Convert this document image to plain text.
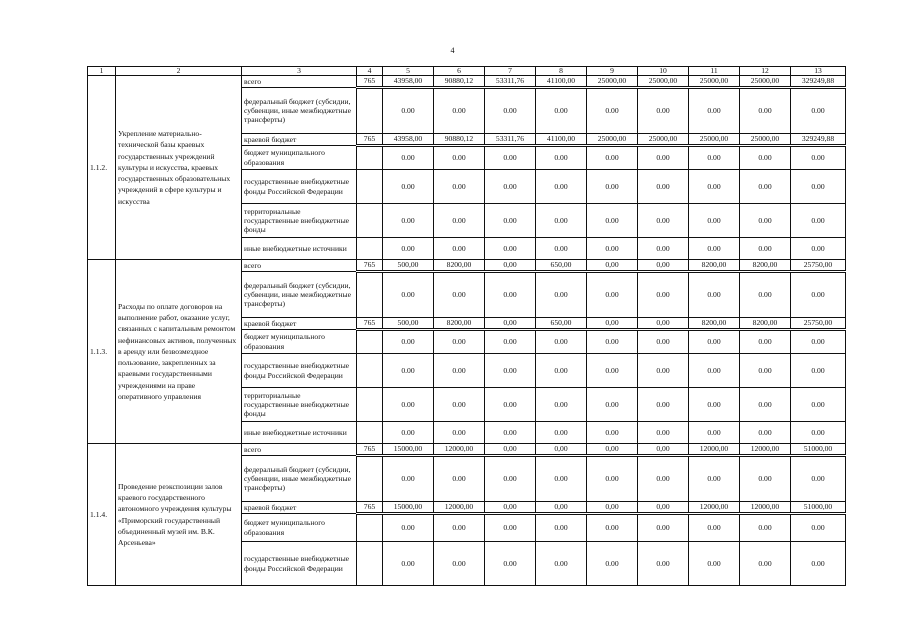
4
1	2	3	4	5	6	7	8	9	10	11	12	13
1.1.2.	Укрепление материально-технической базы краевых государственных учреждений культуры и искусства, краевых государственных образовательных учреждений в сфере культуры и искусства	всего	765	43958,00	90880,12	53311,76	41100,00	25000,00	25000,00	25000,00	25000,00	329249,88
		федеральный бюджет (субсидии, субвенции, иные межбюджетные трансферты)		0.00	0.00	0.00	0.00	0.00	0.00	0.00	0.00	0.00
		краевой бюджет	765	43958,00	90880,12	53311,76	41100,00	25000,00	25000,00	25000,00	25000,00	329249,88
		бюджет муниципального образования		0.00	0.00	0.00	0.00	0.00	0.00	0.00	0.00	0.00
		государственные внебюджетные фонды Российской Федерации		0.00	0.00	0.00	0.00	0.00	0.00	0.00	0.00	0.00
		территориальные государственные внебюджетные фонды		0.00	0.00	0.00	0.00	0.00	0.00	0.00	0.00	0.00
		иные внебюджетные источники		0.00	0.00	0.00	0.00	0.00	0.00	0.00	0.00	0.00
1.1.3.	Расходы по оплате договоров на выполнение работ, оказание услуг, связанных с капитальным ремонтом нефинансовых активов, полученных в аренду или безвозмездное пользование, закрепленных за краевыми государственными учреждениями на праве оперативного управления	всего	765	500,00	8200,00	0,00	650,00	0,00	0,00	8200,00	8200,00	25750,00
		федеральный бюджет (субсидии, субвенции, иные межбюджетные трансферты)		0.00	0.00	0.00	0.00	0.00	0.00	0.00	0.00	0.00
		краевой бюджет	765	500,00	8200,00	0,00	650,00	0,00	0,00	8200,00	8200,00	25750,00
		бюджет муниципального образования		0.00	0.00	0.00	0.00	0.00	0.00	0.00	0.00	0.00
		государственные внебюджетные фонды Российской Федерации		0.00	0.00	0.00	0.00	0.00	0.00	0.00	0.00	0.00
		территориальные государственные внебюджетные фонды		0.00	0.00	0.00	0.00	0.00	0.00	0.00	0.00	0.00
		иные внебюджетные источники		0.00	0.00	0.00	0.00	0.00	0.00	0.00	0.00	0.00
1.1.4.	Проведение реэкспозиции залов краевого государственного автономного учреждения культуры «Приморский государственный объединенный музей им. В.К. Арсеньева»	всего	765	15000,00	12000,00	0,00	0,00	0,00	0,00	12000,00	12000,00	51000,00
		федеральный бюджет (субсидии, субвенции, иные межбюджетные трансферты)		0.00	0.00	0.00	0.00	0.00	0.00	0.00	0.00	0.00
		краевой бюджет	765	15000,00	12000,00	0,00	0,00	0,00	0,00	12000,00	12000,00	51000,00
		бюджет муниципального образования		0.00	0.00	0.00	0.00	0.00	0.00	0.00	0.00	0.00
		государственные внебюджетные фонды Российской Федерации		0.00	0.00	0.00	0.00	0.00	0.00	0.00	0.00	0.00
